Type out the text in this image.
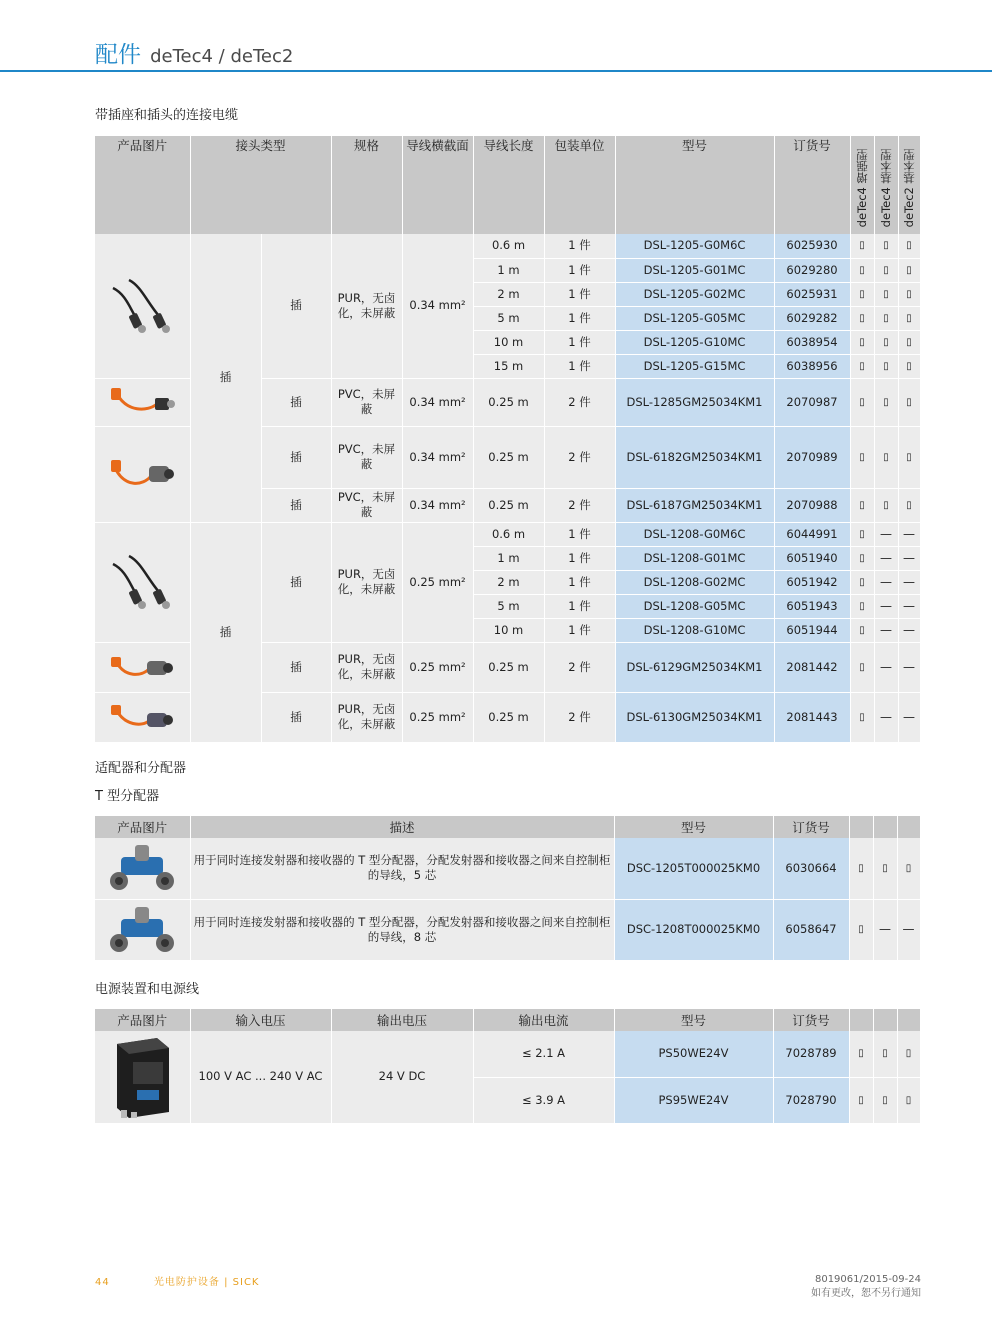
配件 deTec4 / deTec2
带插座和插头的连接电缆
产品图片	接头类型		规格	导线横截面	导线长度	包装单位	型号	订货号	deTec4 增强型	deTec4 基本型	deTec2 基本型

	插	插	PUR，无卤化，未屏蔽	0.34 mm²	0.6 m	1 件	DSL-1205-G0M6C	6025930	▯	▯	▯
					1 m	1 件	DSL-1205-G01MC	6029280	▯	▯	▯
					2 m	1 件	DSL-1205-G02MC	6025931	▯	▯	▯
					5 m	1 件	DSL-1205-G05MC	6029282	▯	▯	▯
					10 m	1 件	DSL-1205-G10MC	6038954	▯	▯	▯
					15 m	1 件	DSL-1205-G15MC	6038956	▯	▯	▯

	插	PVC，未屏蔽	0.34 mm²	0.25 m	2 件	DSL-1285GM25034KM1	2070987	▯	▯	▯

	插	PVC，未屏蔽	0.34 mm²	0.25 m	2 件	DSL-6182GM25034KM1	2070989	▯	▯	▯
		插	PVC，未屏蔽	0.34 mm²	0.25 m	2 件	DSL-6187GM25034KM1	2070988	▯	▯	▯

	插	插	PUR，无卤化，未屏蔽	0.25 mm²	0.6 m	1 件	DSL-1208-G0M6C	6044991	▯	—	—
					1 m	1 件	DSL-1208-G01MC	6051940	▯	—	—
					2 m	1 件	DSL-1208-G02MC	6051942	▯	—	—
					5 m	1 件	DSL-1208-G05MC	6051943	▯	—	—
					10 m	1 件	DSL-1208-G10MC	6051944	▯	—	—

	插	PUR，无卤化，未屏蔽	0.25 mm²	0.25 m	2 件	DSL-6129GM25034KM1	2081442	▯	—	—

	插	PUR，无卤化，未屏蔽	0.25 mm²	0.25 m	2 件	DSL-6130GM25034KM1	2081443	▯	—	—
适配器和分配器
T 型分配器
产品图片	描述	型号	订货号			

	用于同时连接发射器和接收器的 T 型分配器，分配发射器和接收器之间来自控制柜的导线，5 芯	DSC-1205T000025KM0	6030664	▯	▯	▯

	用于同时连接发射器和接收器的 T 型分配器，分配发射器和接收器之间来自控制柜的导线，8 芯	DSC-1208T000025KM0	6058647	▯	—	—
电源装置和电源线
产品图片	输入电压	输出电压	输出电流	型号	订货号			

	100 V AC ... 240 V AC	24 V DC	≤ 2.1 A	PS50WE24V	7028789	▯	▯	▯
			≤ 3.9 A	PS95WE24V	7028790	▯	▯	▯
44	光电防护设备 | SICK	8019061/2015-09-24
如有更改，恕不另行通知
